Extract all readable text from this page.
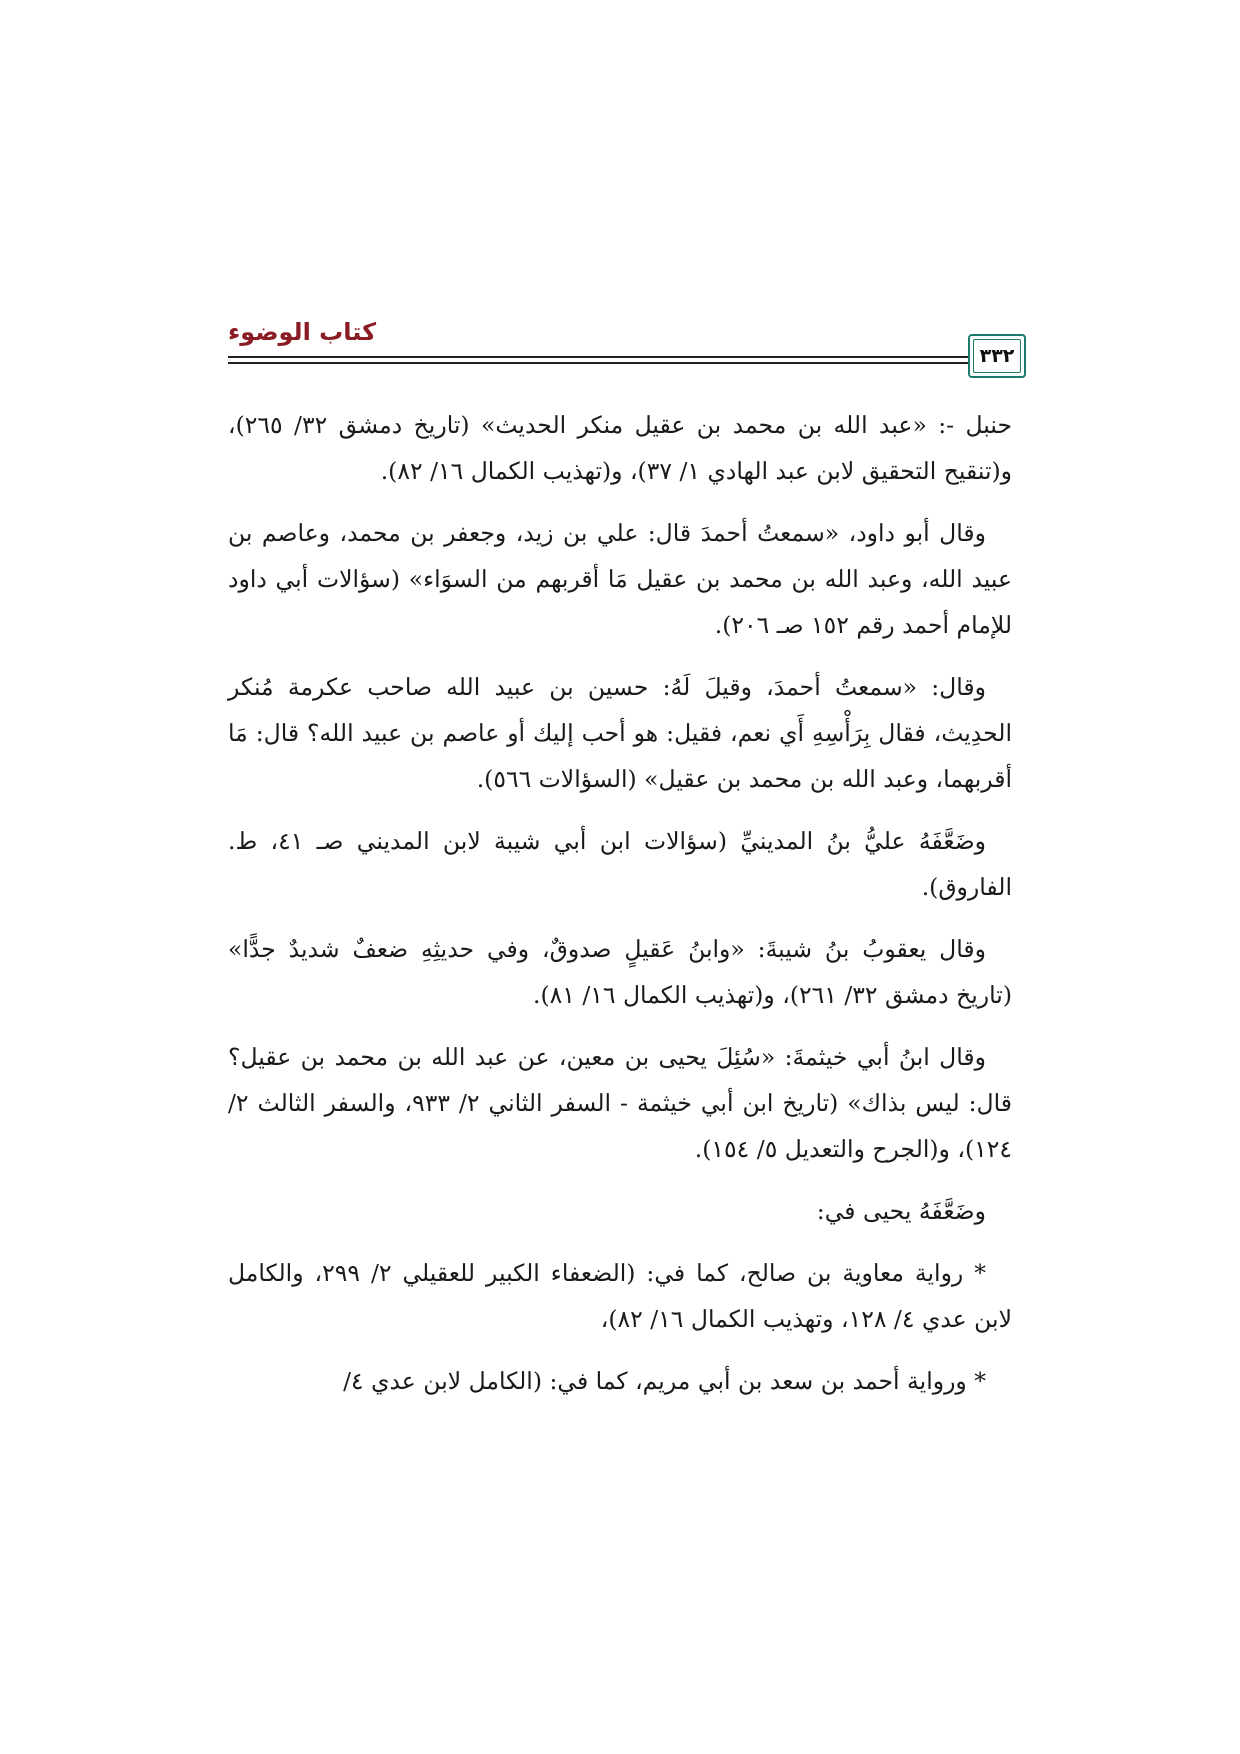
كتاب الوضوء
٣٣٢

حنبل -: «عبد الله بن محمد بن عقيل منكر الحديث» (تاريخ دمشق ٣٢/ ٢٦٥)، و(تنقيح التحقيق لابن عبد الهادي ١/ ٣٧)، و(تهذيب الكمال ١٦/ ٨٢).

وقال أبو داود، «سمعتُ أحمدَ قال: علي بن زيد، وجعفر بن محمد، وعاصم بن عبيد الله، وعبد الله بن محمد بن عقيل مَا أقربهم من السوَاء» (سؤالات أبي داود للإمام أحمد رقم ١٥٢ صـ ٢٠٦).

وقال: «سمعتُ أحمدَ، وقيلَ لَهُ: حسين بن عبيد الله صاحب عكرمة مُنكر الحدِيث، فقال بِرَأْسِهِ أَي نعم، فقيل: هو أحب إليك أو عاصم بن عبيد الله؟ قال: مَا أقربهما، وعبد الله بن محمد بن عقيل» (السؤالات ٥٦٦).

وضَعَّفَهُ عليُّ بنُ المدينيِّ (سؤالات ابن أبي شيبة لابن المديني صـ ٤١، ط. الفاروق).

وقال يعقوبُ بنُ شيبةَ: «وابنُ عَقيلٍ صدوقٌ، وفي حديثِهِ ضعفٌ شديدٌ جدًّا» (تاريخ دمشق ٣٢/ ٢٦١)، و(تهذيب الكمال ١٦/ ٨١).

وقال ابنُ أبي خيثمةَ: «سُئِلَ يحيى بن معين، عن عبد الله بن محمد بن عقيل؟ قال: ليس بذاك» (تاريخ ابن أبي خيثمة - السفر الثاني ٢/ ٩٣٣، والسفر الثالث ٢/ ١٢٤)، و(الجرح والتعديل ٥/ ١٥٤).

وضَعَّفَهُ يحيى في:

* رواية معاوية بن صالح، كما في: (الضعفاء الكبير للعقيلي ٢/ ٢٩٩، والكامل لابن عدي ٤/ ١٢٨، وتهذيب الكمال ١٦/ ٨٢)،

* ورواية أحمد بن سعد بن أبي مريم، كما في: (الكامل لابن عدي ٤/
